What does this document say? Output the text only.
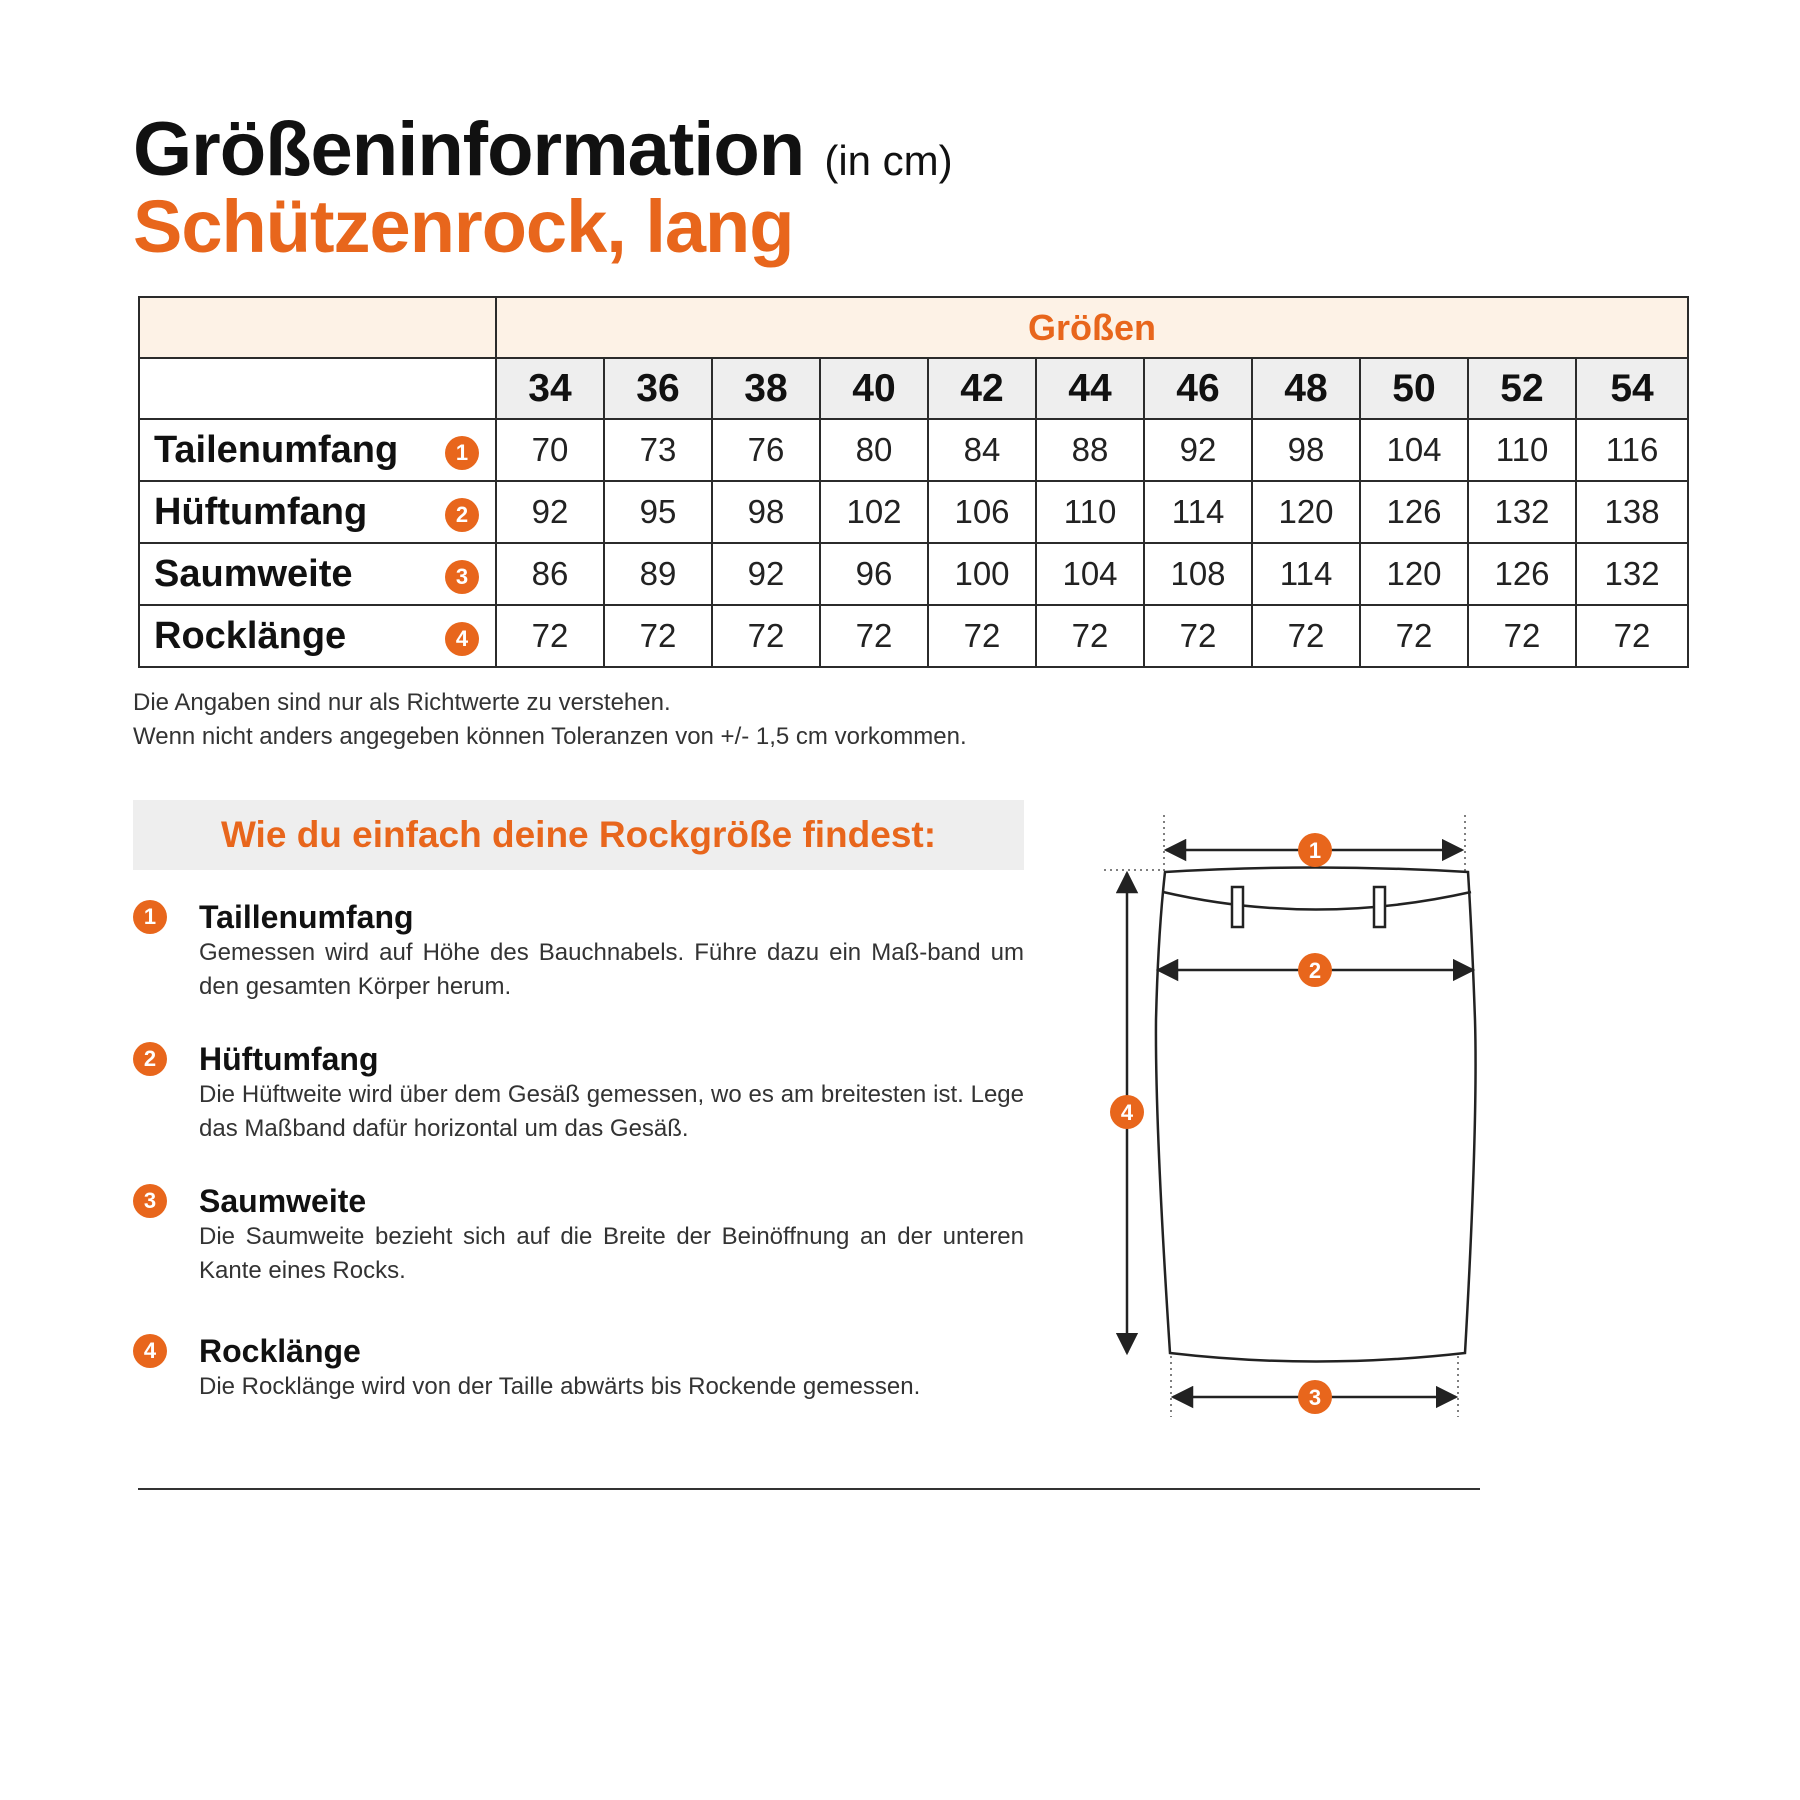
Größeninformation (in cm)
Schützenrock, lang
	Größen										
	34	36	38	40	42	44	46	48	50	52	54
Tailenumfang 1	70	73	76	80	84	88	92	98	104	110	116
Hüftumfang 2	92	95	98	102	106	110	114	120	126	132	138
Saumweite 3	86	89	92	96	100	104	108	114	120	126	132
Rocklänge 4	72	72	72	72	72	72	72	72	72	72	72
Die Angaben sind nur als Richtwerte zu verstehen.
Wenn nicht anders angegeben können Toleranzen von +/- 1,5 cm vorkommen.
Wie du einfach deine Rockgröße findest:
1	Taillenumfang
Gemessen wird auf Höhe des Bauchnabels. Führe dazu ein Maß-band um den gesamten Körper herum.
2	Hüftumfang
Die Hüftweite wird über dem Gesäß gemessen, wo es am breitesten ist. Lege das Maßband dafür horizontal um das Gesäß.
3	Saumweite
Die Saumweite bezieht sich auf die Breite der Beinöffnung an der unteren Kante eines Rocks.
4	Rocklänge
Die Rocklänge wird von der Taille abwärts bis Rockende gemessen.
1
2
3
4
